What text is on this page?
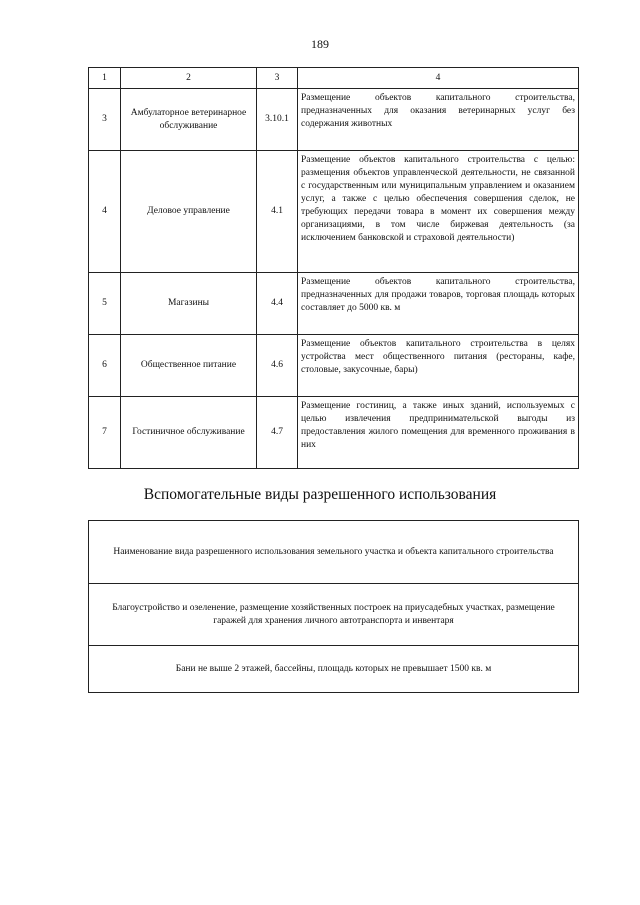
189
1	2	3	4
3	Амбулаторное ветеринарное обслуживание	3.10.1	Размещение объектов капитального строительства, предназначенных для оказания ветеринарных услуг без содержания животных
4	Деловое управление	4.1	Размещение объектов капитального строительства с целью: размещения объектов управленческой деятельности, не связанной с государственным или муниципальным управлением и оказанием услуг, а также с целью обеспечения совершения сделок, не требующих передачи товара в момент их совершения между организациями, в том числе биржевая деятельность (за исключением банковской и страховой деятельности)
5	Магазины	4.4	Размещение объектов капитального строительства, предназначенных для продажи товаров, торговая площадь которых составляет до 5000 кв. м
6	Общественное питание	4.6	Размещение объектов капитального строительства в целях устройства мест общественного питания (рестораны, кафе, столовые, закусочные, бары)
7	Гостиничное обслуживание	4.7	Размещение гостиниц, а также иных зданий, используемых с целью извлечения предпринимательской выгоды из предоставления жилого помещения для временного проживания в них
Вспомогательные виды разрешенного использования
Наименование вида разрешенного использования земельного участка и объекта капитального строительства
Благоустройство и озеленение, размещение хозяйственных построек на приусадебных участках, размещение гаражей для хранения личного автотранспорта и инвентаря
Бани не выше 2 этажей, бассейны, площадь которых не превышает 1500 кв. м
